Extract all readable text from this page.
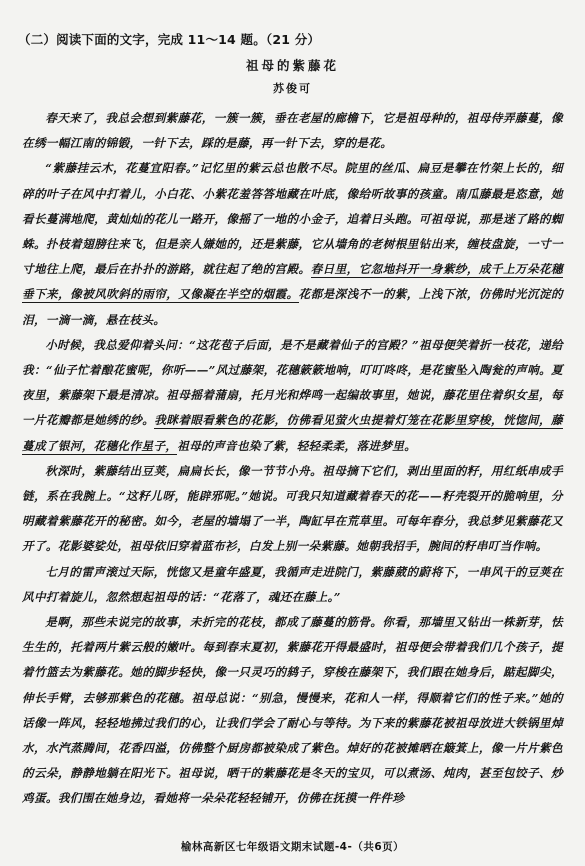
（二）阅读下面的文字，完成 11～14 题。（21 分）
祖母的紫藤花
苏俊可

春天来了，我总会想到紫藤花，一簇一簇，垂在老屋的廊檐下，它是祖母种的，祖母侍弄藤蔓，像在绣一幅江南的锦锻，一针下去，踩的是藤，再一针下去，穿的是花。

“紫藤挂云木，花蔓宜阳春。”记忆里的紫云总也散不尽。院里的丝瓜、扁豆是攀在竹架上长的，细碎的叶子在风中打着儿，小白花、小紫花羞答答地藏在叶底，像给听故事的孩童。南瓜藤最是恣意，她看长蔓满地爬，黄灿灿的花儿一路开，像摇了一地的小金子，追着日头跑。可祖母说，那是迷了路的蜘蛛。扑枝着翅膀往来飞，但是亲人嫌她的，还是紫藤，它从墙角的老树根里钻出来，缠枝盘旋，一寸一寸地往上爬，最后在扑扑的游路，就往起了绝的宫殿。春日里，它忽地抖开一身紫纱，成千上万朵花穗垂下来，像被风吹斜的雨帘，又像凝在半空的烟霞。花都是深浅不一的紫，上浅下浓，仿佛时光沉淀的泪，一滴一滴，悬在枝头。

小时候，我总爱仰着头问：“这花苞子后面，是不是藏着仙子的宫殿？”祖母便笑着折一枝花，递给我：“仙子忙着酿花蜜呢，你听——”风过藤架，花穗簌簌地响，叮叮咚咚，是花蜜坠入陶瓮的声响。夏夜里，紫藤架下最是清凉。祖母摇着蒲扇，托月光和烨鸣一起编故事里，她说，藤花里住着织女星，每一片花瓣都是她绣的纱。我眯着眼看紫色的花影，仿佛看见萤火虫提着灯笼在花影里穿梭，恍惚间，藤蔓成了银河，花穗化作星子，祖母的声音也染了紫，轻轻柔柔，落进梦里。

秋深时，紫藤结出豆荚，扁扁长长，像一节节小舟。祖母摘下它们，剥出里面的籽，用红纸串成手链，系在我腕上。“这籽儿呀，能辟邪呢。”她说。可我只知道藏着春天的花——籽壳裂开的脆响里，分明藏着紫藤花开的秘密。如今，老屋的墙塌了一半，陶缸早在荒草里。可每年春分，我总梦见紫藤花又开了。花影婆娑处，祖母依旧穿着蓝布衫，白发上别一朵紫藤。她朝我招手，腕间的籽串叮当作响。

七月的雷声滚过天际，恍惚又是童年盛夏，我循声走进院门，紫藤葳的蔚将下，一串风干的豆荚在风中打着旋儿，忽然想起祖母的话：“花落了，魂还在藤上。”

是啊，那些未说完的故事，未折完的花枝，都成了藤蔓的筋骨。你看，那墙里又钻出一株新芽，怯生生的，托着两片紫云般的嫩叶。每到春末夏初，紫藤花开得最盛时，祖母便会带着我们几个孩子，提着竹篮去为紫藤花。她的脚步轻快，像一只灵巧的鸫子，穿梭在藤架下，我们跟在她身后，踮起脚尖，伸长手臂，去够那紫色的花穗。祖母总说：“别急，慢慢来，花和人一样，得顺着它们的性子来。”她的话像一阵风，轻轻地拂过我们的心，让我们学会了耐心与等待。为下来的紫藤花被祖母放进大铁锅里焯水，水汽蒸腾间，花香四溢，仿佛整个厨房都被染成了紫色。焯好的花被摊晒在簸箕上，像一片片紫色的云朵，静静地躺在阳光下。祖母说，晒干的紫藤花是冬天的宝贝，可以煮汤、炖肉，甚至包饺子、炒鸡蛋。我们围在她身边，看她将一朵朵花轻轻铺开，仿佛在抚摸一件件珍

榆林高新区七年级语文期末试题-4-（共6页）
